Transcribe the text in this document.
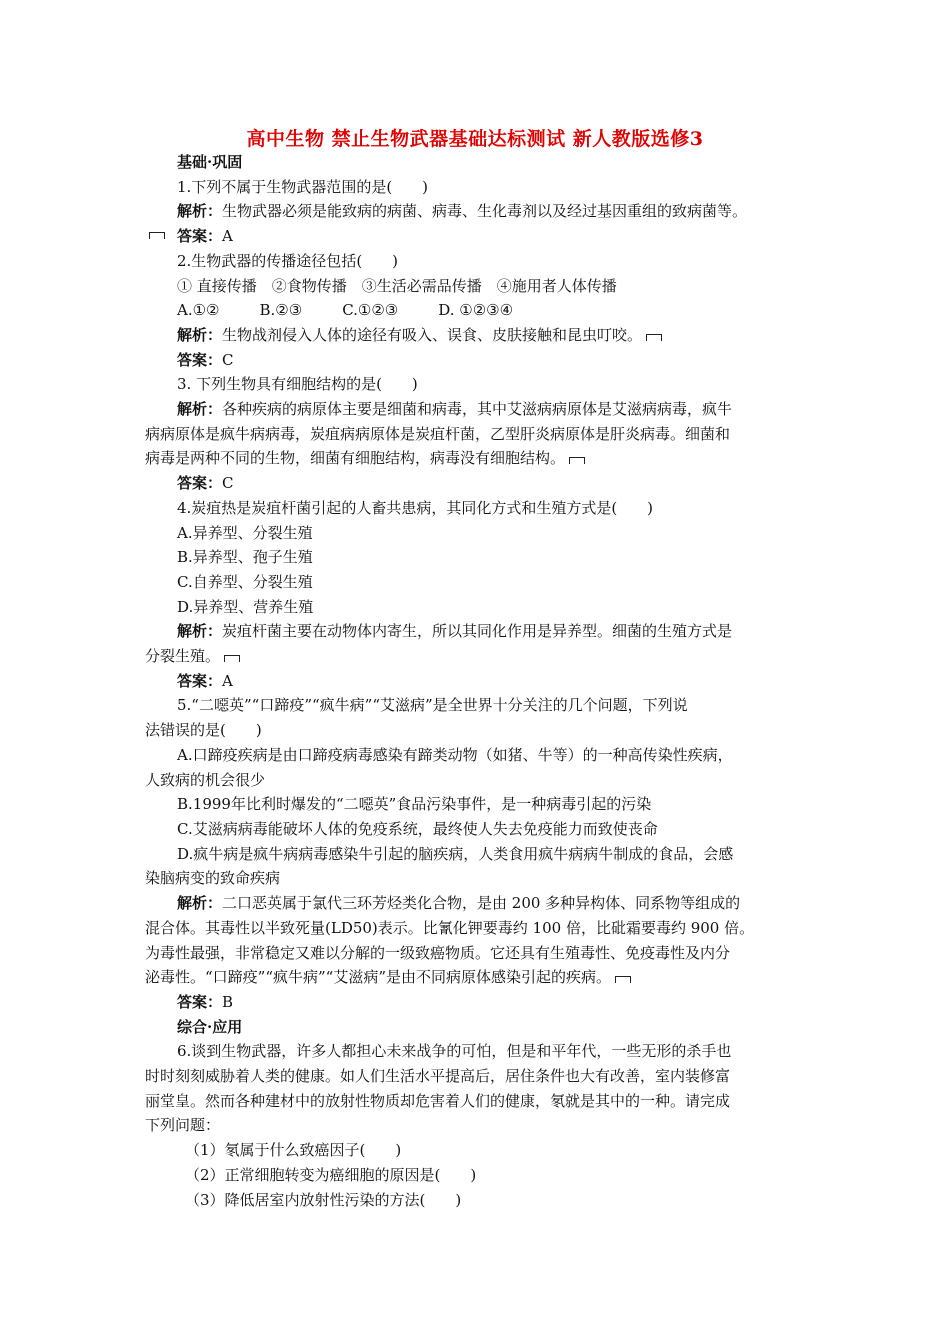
高中生物 禁止生物武器基础达标测试 新人教版选修3

基础·巩固

1.下列不属于生物武器范围的是(　　)

解析：生物武器必须是能致病的病菌、病毒、生化毒剂以及经过基因重组的致病菌等。

答案：A

2.生物武器的传播途径包括(　　)

① 直接传播　②食物传播　③生活必需品传播　④施用者人体传播

A.①②	B.②③	C.①②③	D. ①②③④

解析：生物战剂侵入人体的途径有吸入、误食、皮肤接触和昆虫叮咬。

答案：C

3. 下列生物具有细胞结构的是(　　)

解析：各种疾病的病原体主要是细菌和病毒，其中艾滋病病原体是艾滋病病毒，疯牛

病病原体是疯牛病病毒，炭疽病病原体是炭疽杆菌，乙型肝炎病原体是肝炎病毒。细菌和

病毒是两种不同的生物，细菌有细胞结构，病毒没有细胞结构。

答案：C

4.炭疽热是炭疽杆菌引起的人畜共患病，其同化方式和生殖方式是(　　)

A.异养型、分裂生殖

B.异养型、孢子生殖

C.自养型、分裂生殖

D.异养型、营养生殖

解析：炭疽杆菌主要在动物体内寄生，所以其同化作用是异养型。细菌的生殖方式是

分裂生殖。

答案：A

5.“二噁英”“口蹄疫”“疯牛病”“艾滋病”是全世界十分关注的几个问题，下列说

法错误的是(　　)

A.口蹄疫疾病是由口蹄疫病毒感染有蹄类动物（如猪、牛等）的一种高传染性疾病，

人致病的机会很少

B.1999年比利时爆发的“二噁英”食品污染事件，是一种病毒引起的污染

C.艾滋病病毒能破坏人体的免疫系统，最终使人失去免疫能力而致使丧命

D.疯牛病是疯牛病病毒感染牛引起的脑疾病，人类食用疯牛病病牛制成的食品，会感

染脑病变的致命疾病

解析：二口恶英属于氯代三环芳烃类化合物，是由 200 多种异构体、同系物等组成的

混合体。其毒性以半致死量(LD50)表示。比氰化钾要毒约 100 倍，比砒霜要毒约 900 倍。

为毒性最强，非常稳定又难以分解的一级致癌物质。它还具有生殖毒性、免疫毒性及内分

泌毒性。“口蹄疫”“疯牛病”“艾滋病”是由不同病原体感染引起的疾病。

答案：B

综合·应用

6.谈到生物武器，许多人都担心未来战争的可怕，但是和平年代，一些无形的杀手也

时时刻刻威胁着人类的健康。如人们生活水平提高后，居住条件也大有改善，室内装修富

丽堂皇。然而各种建材中的放射性物质却危害着人们的健康，氡就是其中的一种。请完成

下列问题：

（1）氡属于什么致癌因子(　　)

（2）正常细胞转变为癌细胞的原因是(　　)

（3）降低居室内放射性污染的方法(　　)
